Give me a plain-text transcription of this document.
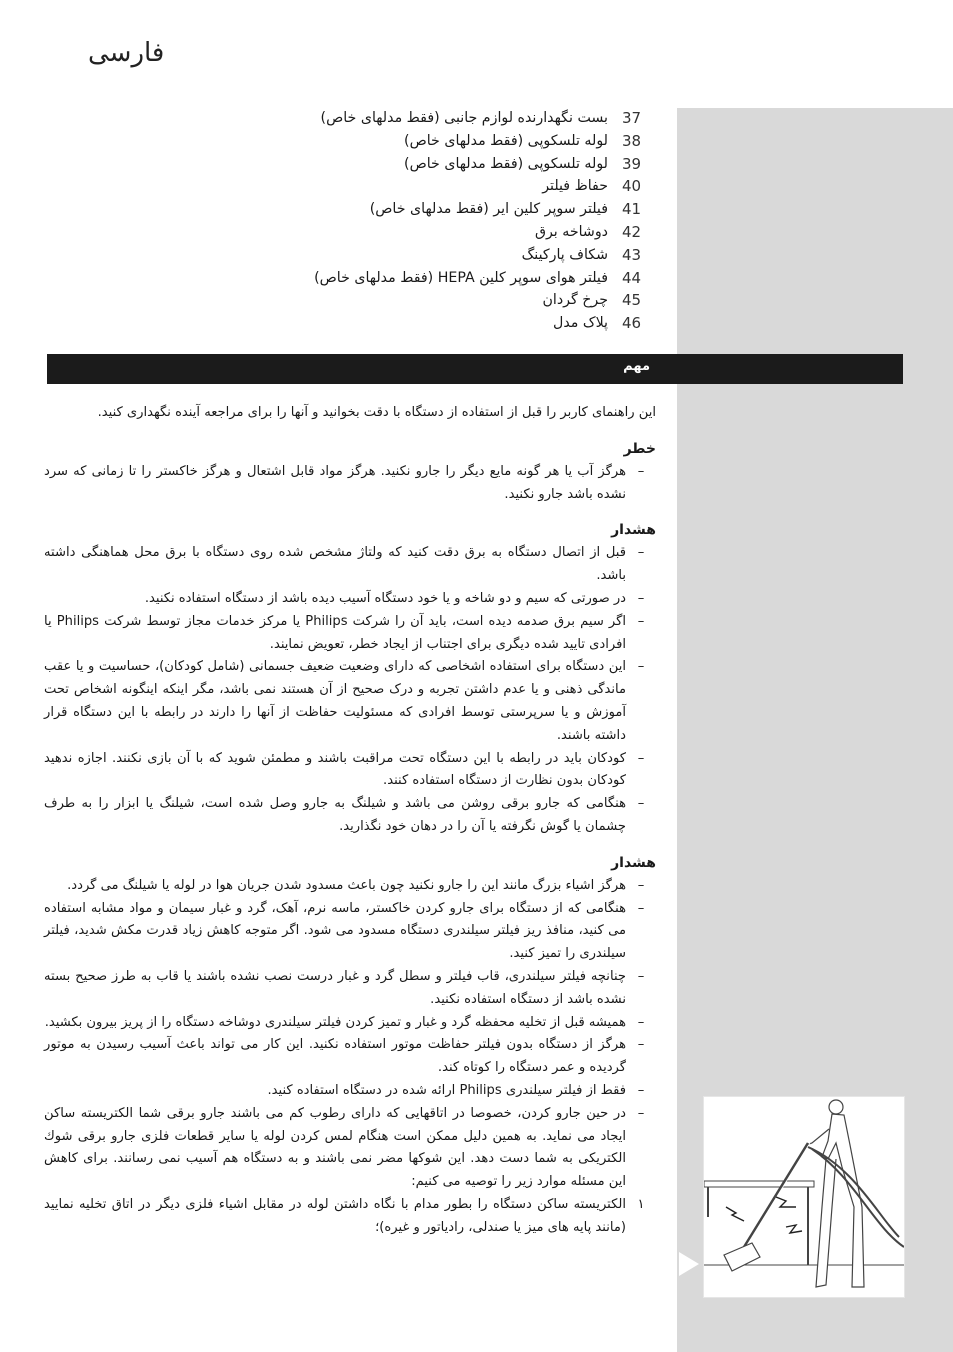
فارسی
37
بست نگهدارنده لوازم جانبی (فقط مدلهای خاص)
38
لوله تلسکوپی (فقط مدلهای خاص)
39
لوله تلسکوپی (فقط مدلهای خاص)
40
حفاظ فیلتر
41
فیلتر سوپر کلین ایر (فقط مدلهای خاص)
42
دوشاخه برق
43
شکاف پارکینگ
44
فیلتر هوای سوپر کلین HEPA (فقط مدلهای خاص)
45
چرخ گردان
46
پلاک مدل
مهم

این راهنمای کاربر را قبل از استفاده از دستگاه با دقت بخوانید و آنها را برای مراجعه آینده نگهداری کنید.

خطر
–
هرگز آب یا هر گونه مایع دیگر را جارو نکنید. هرگز مواد قابل اشتعال و هرگز خاکستر را تا زمانی که سرد نشده باشد جارو نکنید.
هشدار
–
قبل از اتصال دستگاه به برق دقت کنید که ولتاژ مشخص شده روی دستگاه با برق محل هماهنگی داشته باشد.
–
در صورتی که سیم و دو شاخه و یا خود دستگاه آسیب دیده باشد از دستگاه استفاده نکنید.
–
اگر سیم برق صدمه دیده است، باید آن را شرکت Philips یا مرکز خدمات مجاز توسط شرکت Philips یا افرادی تایید شده دیگری برای اجتناب از ایجاد خطر، تعویض نمایند.
–
این دستگاه برای استفاده اشخاصی که دارای وضعیت ضعیف جسمانی (شامل کودکان)، حساسیت و یا عقب ماندگی ذهنی و یا عدم داشتن تجربه و درک صحیح از آن هستند نمی باشد، مگر اینکه اینگونه اشخاص تحت آموزش و یا سرپرستی توسط افرادی که مسئولیت حفاظت از آنها را دارند در رابطه با این دستگاه قرار داشته باشند.
–
کودکان باید در رابطه با این دستگاه تحت مراقبت باشند و مطمئن شوید که با آن بازی نکنند. اجازه ندهید کودکان بدون نظارت از دستگاه استفاده کنند.
–
هنگامی که جارو برقی روشن می باشد و شیلنگ به جارو وصل شده است، شیلنگ یا ابزار را به طرف چشمان یا گوش نگرفته یا آن را در دهان خود نگذارید.
هشدار
–
هرگز اشیاء بزرگ مانند این را جارو نکنید چون باعث مسدود شدن جریان هوا در لوله یا شیلنگ می گردد.
–
هنگامی که از دستگاه برای جارو کردن خاکستر، ماسه نرم، آهک، گرد و غبار سیمان و مواد مشابه استفاده می کنید، منافذ ریز فیلتر سیلندری دستگاه مسدود می شود. اگر متوجه کاهش زیاد قدرت مکش شدید، فیلتر سیلندری را تمیز کنید.
–
چنانچه فیلتر سیلندری، قاب فیلتر و سطل گرد و غبار درست نصب نشده باشند یا قاب به طرز صحیح بسته نشده باشد از دستگاه استفاده نکنید.
–
همیشه قبل از تخلیه محفظه گرد و غبار و تمیز کردن فیلتر سیلندری دوشاخه دستگاه را از پریز بیرون بکشید.
–
هرگز از دستگاه بدون فیلتر حفاظت موتور استفاده نکنید. این کار می تواند باعث آسیب رسیدن به موتور گردیده و عمر دستگاه را کوتاه کند.
–
فقط از فیلتر سیلندری Philips ارائه شده در دستگاه استفاده کنید.
–
در حین جارو کردن، خصوصا در اتاقهایی که دارای رطوب کم می باشند جارو برقی شما الکتریسته ساکن ایجاد می نماید. به همین دلیل ممکن است هنگام لمس کردن لوله یا سایر قطعات فلزی جارو برقی شوك الکتریکی به شما دست دهد. این شوکها مضر نمی باشند و به دستگاه هم آسیب نمی رسانند. برای کاهش این مسئله موارد زیر را توصیه می کنیم:
۱
الکتریسته ساکن دستگاه را بطور مدام با نگاه داشتن لوله در مقابل اشیاء فلزی دیگر در اتاق تخلیه نمایید (مانند پایه های میز یا صندلی، رادیاتور و غیره)؛
